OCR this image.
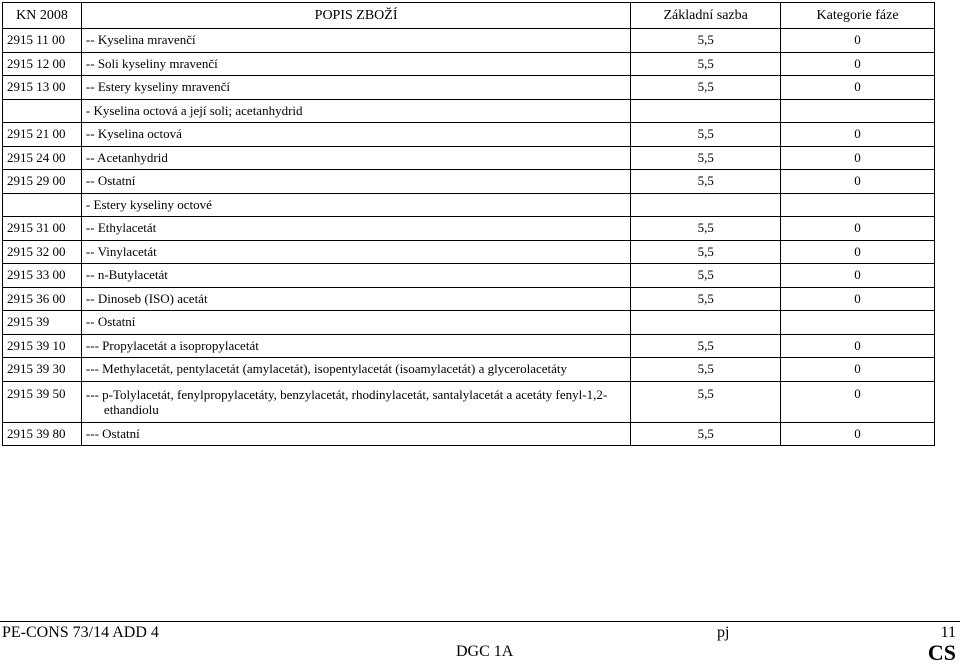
KN 2008	POPIS ZBOŽÍ	Základní sazba	Kategorie fáze
2915 11 00	-- Kyselina mravenčí	5,5	0
2915 12 00	-- Soli kyseliny mravenčí	5,5	0
2915 13 00	-- Estery kyseliny mravenčí	5,5	0
	- Kyselina octová a její soli; acetanhydrid		
2915 21 00	-- Kyselina octová	5,5	0
2915 24 00	-- Acetanhydrid	5,5	0
2915 29 00	-- Ostatní	5,5	0
	- Estery kyseliny octové		
2915 31 00	-- Ethylacetát	5,5	0
2915 32 00	-- Vinylacetát	5,5	0
2915 33 00	-- n-Butylacetát	5,5	0
2915 36 00	-- Dinoseb (ISO) acetát	5,5	0
2915 39	-- Ostatní		
2915 39 10	--- Propylacetát a isopropylacetát	5,5	0
2915 39 30	--- Methylacetát, pentylacetát (amylacetát), isopentylacetát (isoamylacetát) a glycerolacetáty	5,5	0
2915 39 50	--- p-Tolylacetát, fenylpropylacetáty, benzylacetát, rhodinylacetát, santalylacetát a acetáty fenyl-1,2-ethandiolu	5,5	0
2915 39 80	--- Ostatní	5,5	0
PE-CONS 73/14 ADD 4	pj	11
DGC 1A	CS
